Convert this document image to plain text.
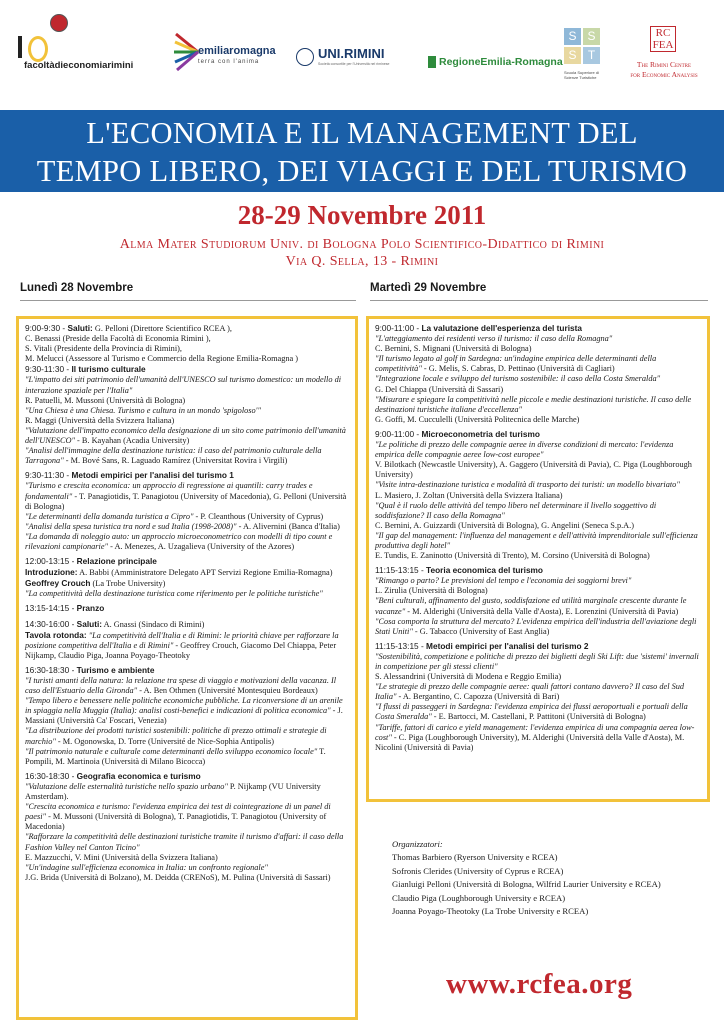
facoltàdieconomiarimini
emiliaromagna
terra con l'anima
UNI.RIMINI
Società consortile per l'Università nel riminese	RegioneEmilia-Romagna
S S
S T
Scuola Superiore di Scienze Turistiche
RC FEA
The Rimini Centre
for Economic Analysis
L'ECONOMIA E IL MANAGEMENT DEL
TEMPO LIBERO, DEI VIAGGI E DEL TURISMO
28-29 Novembre 2011
Alma Mater Studiorum Univ. di Bologna Polo Scientifico-Didattico di Rimini
Via Q. Sella, 13 - Rimini
Lunedì 28 Novembre	Martedì 29 Novembre

9:00-9:30 - Saluti: G. Pelloni (Direttore Scientifico RCEA ),

C. Benassi (Preside della Facoltà di Economia Rimini ),

S. Vitali (Presidente della Provincia di Rimini),

M. Melucci (Assessore al Turismo e Commercio della Regione Emilia-Romagna )

9:30-11:30 - Il turismo culturale

"L'impatto dei siti patrimonio dell'umanità dell'UNESCO sul turismo domestico: un modello di interazione spaziale per l'Italia"

R. Patuelli, M. Mussoni (Università di Bologna)

"Una Chiesa è una Chiesa. Turismo e cultura in un mondo 'spigoloso'"

R. Maggi (Università della Svizzera Italiana)

"Valutazione dell'impatto economico della designazione di un sito come patrimonio dell'umanità dell'UNESCO" - B. Kayahan (Acadia University)

"Analisi dell'immagine della destinazione turistica: il caso del patrimonio culturale della Tarragona" - M. Bové Sans, R. Laguado Ramírez (Universitat Rovira i Virgili)

9:30-11:30 - Metodi empirici per l'analisi del turismo 1

"Turismo e crescita economica: un approccio di regressione ai quantili: carry trades e fondamentali" - T. Panagiotidis, T. Panagiotou (University of Macedonia), G. Pelloni (Università di Bologna)

"Le determinanti della domanda turistica a Cipro" - P. Cleanthous (University of Cyprus)

"Analisi della spesa turistica tra nord e sud Italia (1998-2008)" - A. Alivernini (Banca d'Italia)

"La domanda di noleggio auto: un approccio microeconometrico con modelli di tipo count e rilevazioni campionarie" - A. Menezes, A. Uzagalieva (University of the Azores)

12:00-13:15 - Relazione principale

Introduzione: A. Babbi (Amministratore Delegato APT Servizi Regione Emilia-Romagna)

Geoffrey Crouch (La Trobe University)

"La competitività della destinazione turistica come riferimento per le politiche turistiche"

13:15-14:15 - Pranzo

14:30-16:00 - Saluti: A. Gnassi (Sindaco di Rimini)

Tavola rotonda: "La competitività dell'Italia e di Rimini: le priorità chiave per rafforzare la posizione competitiva dell'Italia e di Rimini" - Geoffrey Crouch, Giacomo Del Chiappa, Peter Nijkamp, Claudio Piga, Joanna Poyago-Theotoky

16:30-18:30 - Turismo e ambiente

"I turisti amanti della natura: la relazione tra spese di viaggio e motivazioni della vacanza. Il caso dell'Estuario della Gironda" - A. Ben Othmen (Université Montesquieu Bordeaux)

"Tempo libero e benessere nelle politiche economiche pubbliche. La riconversione di un arenile in spiaggia nella Muggia (Italia): analisi costi-benefici e indicazioni di politica economica" - J. Massiani (Università Ca' Foscari, Venezia)

"La distribuzione dei prodotti turistici sostenibili: politiche di prezzo ottimali e strategie di marchio" - M. Ogonowska, D. Torre (Université de Nice-Sophia Antipolis)

"Il patrimonio naturale e culturale come determinanti dello sviluppo economico locale" T. Pompili, M. Martinoia (Università di Milano Bicocca)

16:30-18:30 - Geografia economica e turismo

"Valutazione delle esternalità turistiche nello spazio urbano" P. Nijkamp (VU University Amsterdam).

"Crescita economica e turismo: l'evidenza empirica dei test di cointegrazione di un panel di paesi" - M. Mussoni (Università di Bologna), T. Panagiotidis, T. Panagiotou (University of Macedonia)

"Rafforzare la competitività delle destinazioni turistiche tramite il turismo d'affari: il caso della Fashion Valley nel Canton Ticino"

E. Mazzucchi, V. Mini (Università della Svizzera Italiana)

"Un'indagine sull'efficienza economica in Italia: un confronto regionale"

J.G. Brida (Università di Bolzano), M. Deidda (CRENoS), M. Pulina (Università di Sassari)

9:00-11:00 - La valutazione dell'esperienza del turista

"L'atteggiamento dei residenti verso il turismo: il caso della Romagna"

C. Bernini, S. Mignani (Università di Bologna)

"Il turismo legato al golf in Sardegna: un'indagine empirica delle determinanti della competitività" - G. Melis, S. Cabras, D. Pettinao (Università di Cagliari)

"Integrazione locale e sviluppo del turismo sostenibile: il caso della Costa Smeralda"

G. Del Chiappa (Università di Sassari)

"Misurare e spiegare la competitività nelle piccole e medie destinazioni turistiche. Il caso delle destinazioni turistiche italiane d'eccellenza"

G. Goffi, M. Cucculelli (Università Politecnica delle Marche)

9:00-11:00 - Microeconometria del turismo

"Le politiche di prezzo delle compagnie aeree in diverse condizioni di mercato: l'evidenza empirica delle compagnie aeree low-cost europee"

V. Bilotkach (Newcastle University), A. Gaggero (Università di Pavia), C. Piga (Loughborough University)

"Visite intra-destinazione turistica e modalità di trasporto dei turisti: un modello bivariato"

L. Masiero, J. Zoltan (Università della Svizzera Italiana)

"Qual è il ruolo delle attività del tempo libero nel determinare il livello soggettivo di soddisfazione? Il caso della Romagna"

C. Bernini, A. Guizzardi (Università di Bologna), G. Angelini (Seneca S.p.A.)

"Il gap del management: l'influenza del management e dell'attività imprenditoriale sull'efficienza produttiva degli hotel"

E. Tundis, E. Zaninotto (Università di Trento), M. Corsino (Università di Bologna)

11:15-13:15 - Teoria economica del turismo

"Rimango o parto? Le previsioni del tempo e l'economia dei soggiorni brevi"

L. Zirulia (Università di Bologna)

"Beni culturali, affinamento del gusto, soddisfazione ed utilità marginale crescente durante le vacanze" - M. Alderighi (Università della Valle d'Aosta), E. Lorenzini (Università di Pavia)

"Cosa comporta la struttura del mercato? L'evidenza empirica dell'industria dell'aviazione degli Stati Uniti" - G. Tabacco (University of East Anglia)

11:15-13:15 - Metodi empirici per l'analisi del turismo 2

"Sostenibilità, competizione e politiche di prezzo dei biglietti degli Ski Lift: due 'sistemi' invernali in competizione per gli stessi clienti"

S. Alessandrini (Università di Modena e Reggio Emilia)

"Le strategie di prezzo delle compagnie aeree: quali fattori contano davvero? Il caso del Sud Italia" - A. Bergantino, C. Capozza (Università di Bari)

"I flussi di passeggeri in Sardegna: l'evidenza empirica dei flussi aeroportuali e portuali della Costa Smeralda" - E. Bartocci, M. Castellani, P. Pattitoni (Università di Bologna)

"Tariffe, fattori di carico e yield management: l'evidenza empirica di una compagnia aerea low-cost" - C. Piga (Loughborough University), M. Alderighi (Università della Valle d'Aosta), M. Nicolini (Università di Pavia)

Organizzatori:
Thomas Barbiero (Ryerson University e RCEA)
Sofronis Clerides (University of Cyprus e RCEA)
Gianluigi Pelloni (Università di Bologna, Wilfrid Laurier University e RCEA)
Claudio Piga (Loughborough University e RCEA)
Joanna Poyago-Theotoky (La Trobe University e RCEA)
www.rcfea.org
